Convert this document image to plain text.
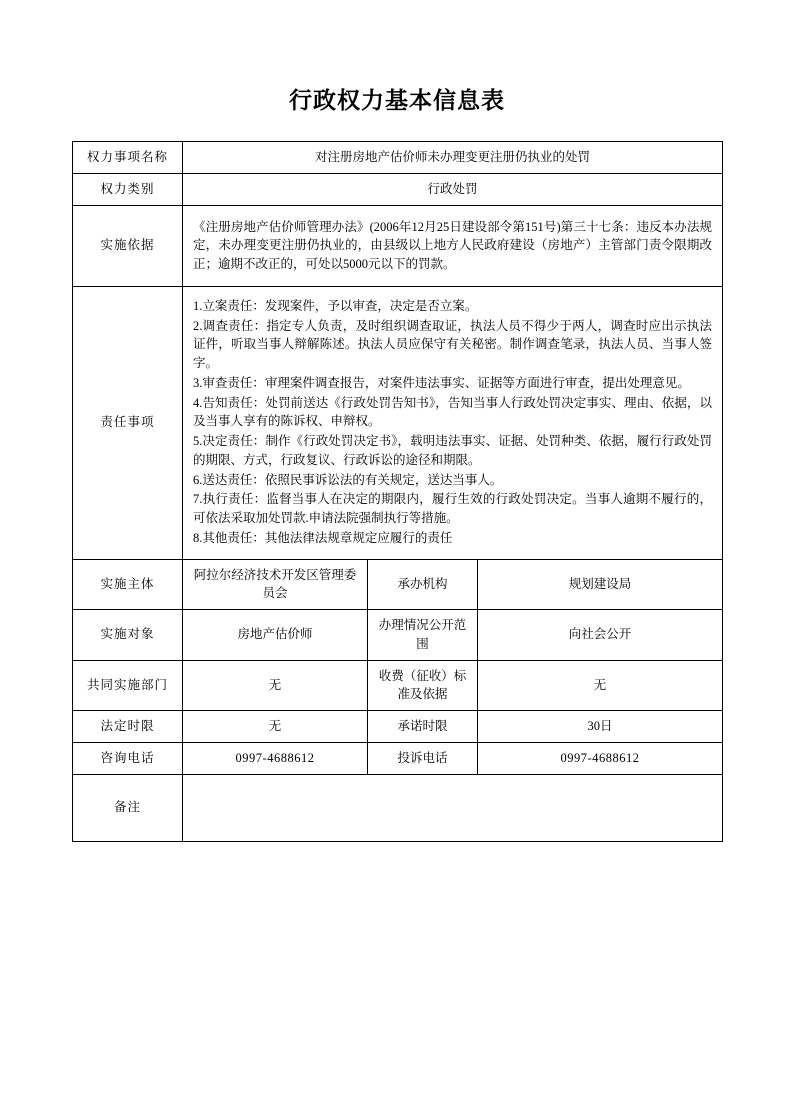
行政权力基本信息表
权力事项名称	对注册房地产估价师未办理变更注册仍执业的处罚		
权力类别	行政处罚		
实施依据	《注册房地产估价师管理办法》(2006年12月25日建设部令第151号)第三十七条：违反本办法规定，未办理变更注册仍执业的，由县级以上地方人民政府建设（房地产）主管部门责令限期改正；逾期不改正的，可处以5000元以下的罚款。		
责任事项	
1.立案责任：发现案件，予以审查，决定是否立案。
2.调查责任：指定专人负责，及时组织调查取证，执法人员不得少于两人，调查时应出示执法证件，听取当事人辩解陈述。执法人员应保守有关秘密。制作调查笔录，执法人员、当事人签字。
3.审查责任：审理案件调查报告，对案件违法事实、证据等方面进行审查，提出处理意见。
4.告知责任：处罚前送达《行政处罚告知书》，告知当事人行政处罚决定事实、理由、依据，以及当事人享有的陈诉权、申辩权。
5.决定责任：制作《行政处罚决定书》，载明违法事实、证据、处罚种类、依据，履行行政处罚的期限、方式，行政复议、行政诉讼的途径和期限。
6.送达责任：依照民事诉讼法的有关规定，送达当事人。
7.执行责任：监督当事人在决定的期限内，履行生效的行政处罚决定。当事人逾期不履行的，可依法采取加处罚款.申请法院强制执行等措施。
8.其他责任：其他法律法规章规定应履行的责任

实施主体	阿拉尔经济技术开发区管理委员会	承办机构	规划建设局
实施对象	房地产估价师	办理情况公开范围	向社会公开
共同实施部门	无	收费（征收）标准及依据	无
法定时限	无	承诺时限	30日
咨询电话	0997-4688612	投诉电话	0997-4688612
备注			
